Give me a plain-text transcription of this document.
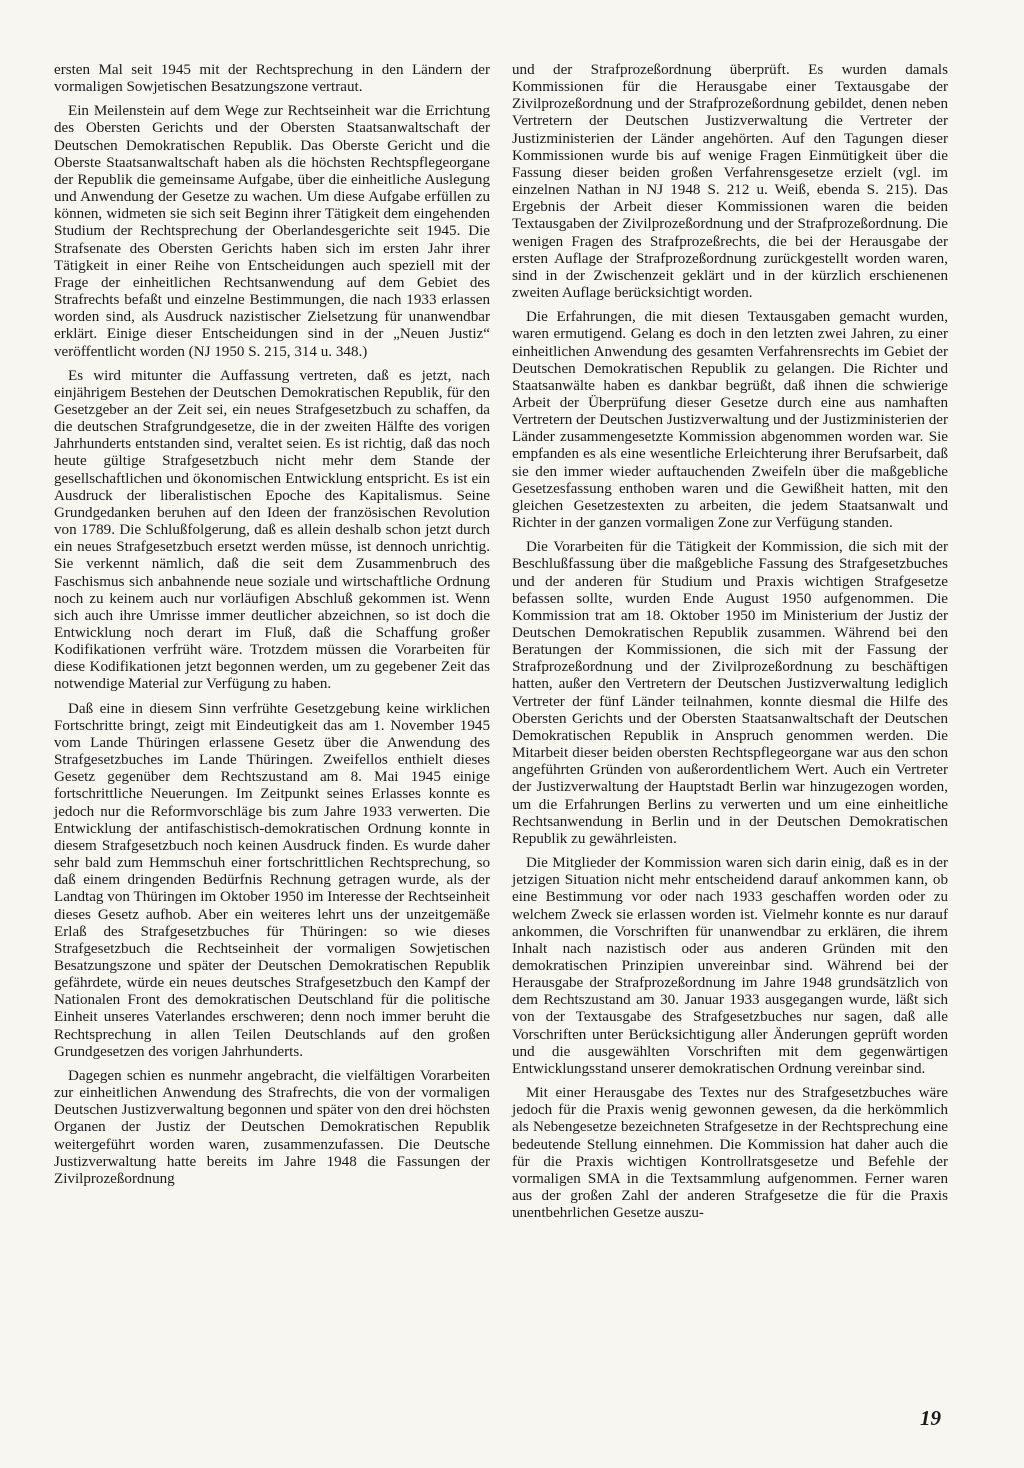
ersten Mal seit 1945 mit der Rechtsprechung in den Ländern der vormaligen Sowjetischen Besatzungszone vertraut.

Ein Meilenstein auf dem Wege zur Rechtseinheit war die Errichtung des Obersten Gerichts und der Obersten Staatsanwaltschaft der Deutschen Demokratischen Republik. Das Oberste Gericht und die Oberste Staatsanwaltschaft haben als die höchsten Rechtspflegeorgane der Republik die gemeinsame Aufgabe, über die einheitliche Auslegung und Anwendung der Gesetze zu wachen. Um diese Aufgabe erfüllen zu können, widmeten sie sich seit Beginn ihrer Tätigkeit dem eingehenden Studium der Rechtsprechung der Oberlandesgerichte seit 1945. Die Strafsenate des Obersten Gerichts haben sich im ersten Jahr ihrer Tätigkeit in einer Reihe von Entscheidungen auch speziell mit der Frage der einheitlichen Rechtsanwendung auf dem Gebiet des Strafrechts befaßt und einzelne Bestimmungen, die nach 1933 erlassen worden sind, als Ausdruck nazistischer Zielsetzung für unanwendbar erklärt. Einige dieser Entscheidungen sind in der „Neuen Justiz“ veröffentlicht worden (NJ 1950 S. 215, 314 u. 348.)

Es wird mitunter die Auffassung vertreten, daß es jetzt, nach einjährigem Bestehen der Deutschen Demokratischen Republik, für den Gesetzgeber an der Zeit sei, ein neues Strafgesetzbuch zu schaffen, da die deutschen Strafgrundgesetze, die in der zweiten Hälfte des vorigen Jahrhunderts entstanden sind, veraltet seien. Es ist richtig, daß das noch heute gültige Strafgesetzbuch nicht mehr dem Stande der gesellschaftlichen und ökonomischen Entwicklung entspricht. Es ist ein Ausdruck der liberalistischen Epoche des Kapitalismus. Seine Grundgedanken beruhen auf den Ideen der französischen Revolution von 1789. Die Schlußfolgerung, daß es allein deshalb schon jetzt durch ein neues Strafgesetzbuch ersetzt werden müsse, ist dennoch unrichtig. Sie verkennt nämlich, daß die seit dem Zusammenbruch des Faschismus sich anbahnende neue soziale und wirtschaftliche Ordnung noch zu keinem auch nur vorläufigen Abschluß gekommen ist. Wenn sich auch ihre Umrisse immer deutlicher abzeichnen, so ist doch die Entwicklung noch derart im Fluß, daß die Schaffung großer Kodifikationen verfrüht wäre. Trotzdem müssen die Vorarbeiten für diese Kodifikationen jetzt begonnen werden, um zu gegebener Zeit das notwendige Material zur Verfügung zu haben.

Daß eine in diesem Sinn verfrühte Gesetzgebung keine wirklichen Fortschritte bringt, zeigt mit Eindeutigkeit das am 1. November 1945 vom Lande Thüringen erlassene Gesetz über die Anwendung des Strafgesetzbuches im Lande Thüringen. Zweifellos enthielt dieses Gesetz gegenüber dem Rechtszustand am 8. Mai 1945 einige fortschrittliche Neuerungen. Im Zeitpunkt seines Erlasses konnte es jedoch nur die Reformvorschläge bis zum Jahre 1933 verwerten. Die Entwicklung der antifaschistisch-demokratischen Ordnung konnte in diesem Strafgesetzbuch noch keinen Ausdruck finden. Es wurde daher sehr bald zum Hemmschuh einer fortschrittlichen Rechtsprechung, so daß einem dringenden Bedürfnis Rechnung getragen wurde, als der Landtag von Thüringen im Oktober 1950 im Interesse der Rechtseinheit dieses Gesetz aufhob. Aber ein weiteres lehrt uns der unzeitgemäße Erlaß des Strafgesetzbuches für Thüringen: so wie dieses Strafgesetzbuch die Rechtseinheit der vormaligen Sowjetischen Besatzungszone und später der Deutschen Demokratischen Republik gefährdete, würde ein neues deutsches Strafgesetzbuch den Kampf der Nationalen Front des demokratischen Deutschland für die politische Einheit unseres Vaterlandes erschweren; denn noch immer beruht die Rechtsprechung in allen Teilen Deutschlands auf den großen Grundgesetzen des vorigen Jahrhunderts.

Dagegen schien es nunmehr angebracht, die vielfältigen Vorarbeiten zur einheitlichen Anwendung des Strafrechts, die von der vormaligen Deutschen Justizverwaltung begonnen und später von den drei höchsten Organen der Justiz der Deutschen Demokratischen Republik weitergeführt worden waren, zusammenzufassen. Die Deutsche Justizverwaltung hatte bereits im Jahre 1948 die Fassungen der Zivilprozeßordnung

und der Strafprozeßordnung überprüft. Es wurden damals Kommissionen für die Herausgabe einer Textausgabe der Zivilprozeßordnung und der Strafprozeßordnung gebildet, denen neben Vertretern der Deutschen Justizverwaltung die Vertreter der Justizministerien der Länder angehörten. Auf den Tagungen dieser Kommissionen wurde bis auf wenige Fragen Einmütigkeit über die Fassung dieser beiden großen Verfahrensgesetze erzielt (vgl. im einzelnen Nathan in NJ 1948 S. 212 u. Weiß, ebenda S. 215). Das Ergebnis der Arbeit dieser Kommissionen waren die beiden Textausgaben der Zivilprozeßordnung und der Strafprozeßordnung. Die wenigen Fragen des Strafprozeßrechts, die bei der Herausgabe der ersten Auflage der Strafprozeßordnung zurückgestellt worden waren, sind in der Zwischenzeit geklärt und in der kürzlich erschienenen zweiten Auflage berücksichtigt worden.

Die Erfahrungen, die mit diesen Textausgaben gemacht wurden, waren ermutigend. Gelang es doch in den letzten zwei Jahren, zu einer einheitlichen Anwendung des gesamten Verfahrensrechts im Gebiet der Deutschen Demokratischen Republik zu gelangen. Die Richter und Staatsanwälte haben es dankbar begrüßt, daß ihnen die schwierige Arbeit der Überprüfung dieser Gesetze durch eine aus namhaften Vertretern der Deutschen Justizverwaltung und der Justizministerien der Länder zusammengesetzte Kommission abgenommen worden war. Sie empfanden es als eine wesentliche Erleichterung ihrer Berufsarbeit, daß sie den immer wieder auftauchenden Zweifeln über die maßgebliche Gesetzesfassung enthoben waren und die Gewißheit hatten, mit den gleichen Gesetzestexten zu arbeiten, die jedem Staatsanwalt und Richter in der ganzen vormaligen Zone zur Verfügung standen.

Die Vorarbeiten für die Tätigkeit der Kommission, die sich mit der Beschlußfassung über die maßgebliche Fassung des Strafgesetzbuches und der anderen für Studium und Praxis wichtigen Strafgesetze befassen sollte, wurden Ende August 1950 aufgenommen. Die Kommission trat am 18. Oktober 1950 im Ministerium der Justiz der Deutschen Demokratischen Republik zusammen. Während bei den Beratungen der Kommissionen, die sich mit der Fassung der Strafprozeßordnung und der Zivilprozeßordnung zu beschäftigen hatten, außer den Vertretern der Deutschen Justizverwaltung lediglich Vertreter der fünf Länder teilnahmen, konnte diesmal die Hilfe des Obersten Gerichts und der Obersten Staatsanwaltschaft der Deutschen Demokratischen Republik in Anspruch genommen werden. Die Mitarbeit dieser beiden obersten Rechtspflegeorgane war aus den schon angeführten Gründen von außerordentlichem Wert. Auch ein Vertreter der Justizverwaltung der Hauptstadt Berlin war hinzugezogen worden, um die Erfahrungen Berlins zu verwerten und um eine einheitliche Rechtsanwendung in Berlin und in der Deutschen Demokratischen Republik zu gewährleisten.

Die Mitglieder der Kommission waren sich darin einig, daß es in der jetzigen Situation nicht mehr entscheidend darauf ankommen kann, ob eine Bestimmung vor oder nach 1933 geschaffen worden oder zu welchem Zweck sie erlassen worden ist. Vielmehr konnte es nur darauf ankommen, die Vorschriften für unanwendbar zu erklären, die ihrem Inhalt nach nazistisch oder aus anderen Gründen mit den demokratischen Prinzipien unvereinbar sind. Während bei der Herausgabe der Strafprozeßordnung im Jahre 1948 grundsätzlich von dem Rechtszustand am 30. Januar 1933 ausgegangen wurde, läßt sich von der Textausgabe des Strafgesetzbuches nur sagen, daß alle Vorschriften unter Berücksichtigung aller Änderungen geprüft worden und die ausgewählten Vorschriften mit dem gegenwärtigen Entwicklungsstand unserer demokratischen Ordnung vereinbar sind.

Mit einer Herausgabe des Textes nur des Strafgesetzbuches wäre jedoch für die Praxis wenig gewonnen gewesen, da die herkömmlich als Nebengesetze bezeichneten Strafgesetze in der Rechtsprechung eine bedeutende Stellung einnehmen. Die Kommission hat daher auch die für die Praxis wichtigen Kontrollratsgesetze und Befehle der vormaligen SMA in die Textsammlung aufgenommen. Ferner waren aus der großen Zahl der anderen Strafgesetze die für die Praxis unentbehrlichen Gesetze auszu-

19
